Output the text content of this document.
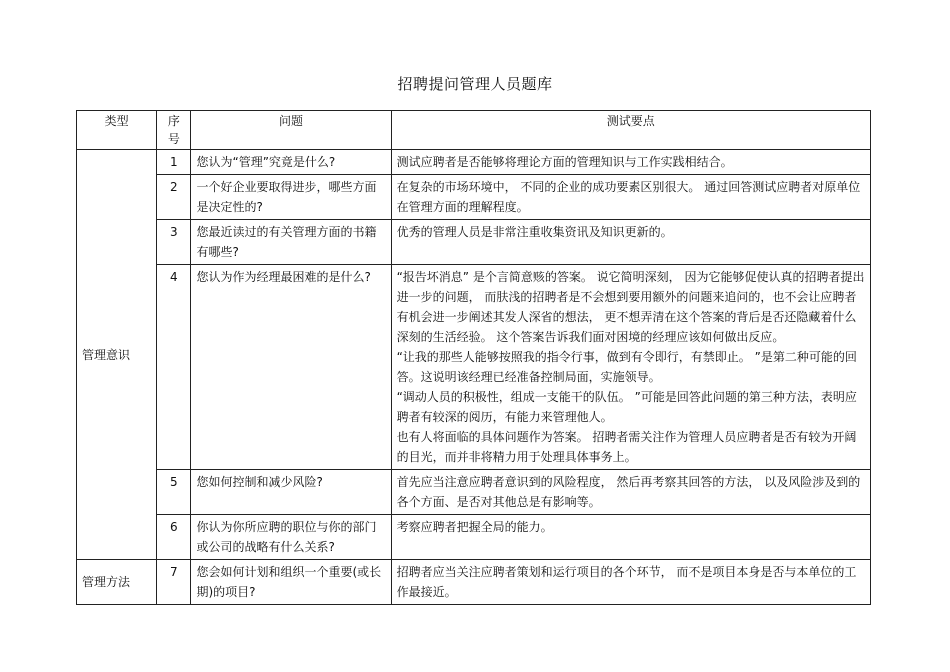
招聘提问管理人员题库
类型	序号	问题	测试要点
管理意识	1	您认为“管理”究竟是什么?	测试应聘者是否能够将理论方面的管理知识与工作实践相结合。

	2	一个好企业要取得进步，哪些方面是决定性的?	在复杂的市场环境中， 不同的企业的成功要素区别很大。 通过回答测试应聘者对原单位在管理方面的理解程度。

	3	您最近读过的有关管理方面的书籍有哪些?	优秀的管理人员是非常注重收集资讯及知识更新的。

	4	您认为作为经理最困难的是什么?	“报告坏消息” 是个言简意赅的答案。 说它简明深刻， 因为它能够促使认真的招聘者提出进一步的问题， 而肤浅的招聘者是不会想到要用额外的问题来追问的，也不会让应聘者有机会进一步阐述其发人深省的想法， 更不想弄清在这个答案的背后是否还隐藏着什么深刻的生活经验。 这个答案告诉我们面对困境的经理应该如何做出反应。
“让我的那些人能够按照我的指令行事，做到有令即行，有禁即止。 ”是第二种可能的回答。这说明该经理已经准备控制局面，实施领导。
“调动人员的积极性，组成一支能干的队伍。 ”可能是回答此问题的第三种方法，表明应聘者有较深的阅历，有能力来管理他人。
也有人将面临的具体问题作为答案。 招聘者需关注作为管理人员应聘者是否有较为开阔的目光，而并非将精力用于处理具体事务上。

	5	您如何控制和减少风险?	首先应当注意应聘者意识到的风险程度， 然后再考察其回答的方法， 以及风险涉及到的各个方面、是否对其他总是有影响等。

	6	你认为你所应聘的职位与你的部门或公司的战略有什么关系?	考察应聘者把握全局的能力。

管理方法	7	您会如何计划和组织一个重要(或长期)的项目?	招聘者应当关注应聘者策划和运行项目的各个环节， 而不是项目本身是否与本单位的工作最接近。
